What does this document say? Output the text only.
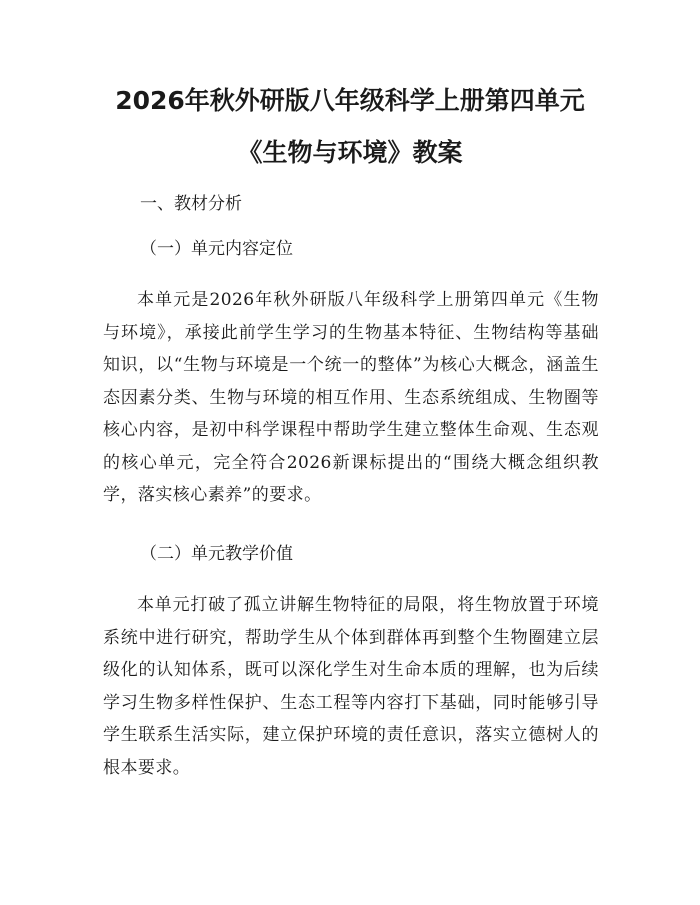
2026年秋外研版八年级科学上册第四单元
《生物与环境》教案

一、教材分析

（一）单元内容定位

本单元是2026年秋外研版八年级科学上册第四单元《生物与环境》，承接此前学生学习的生物基本特征、生物结构等基础知识，以“生物与环境是一个统一的整体”为核心大概念，涵盖生态因素分类、生物与环境的相互作用、生态系统组成、生物圈等核心内容，是初中科学课程中帮助学生建立整体生命观、生态观的核心单元，完全符合2026新课标提出的“围绕大概念组织教学，落实核心素养”的要求。

（二）单元教学价值

本单元打破了孤立讲解生物特征的局限，将生物放置于环境系统中进行研究，帮助学生从个体到群体再到整个生物圈建立层级化的认知体系，既可以深化学生对生命本质的理解，也为后续学习生物多样性保护、生态工程等内容打下基础，同时能够引导学生联系生活实际，建立保护环境的责任意识，落实立德树人的根本要求。
